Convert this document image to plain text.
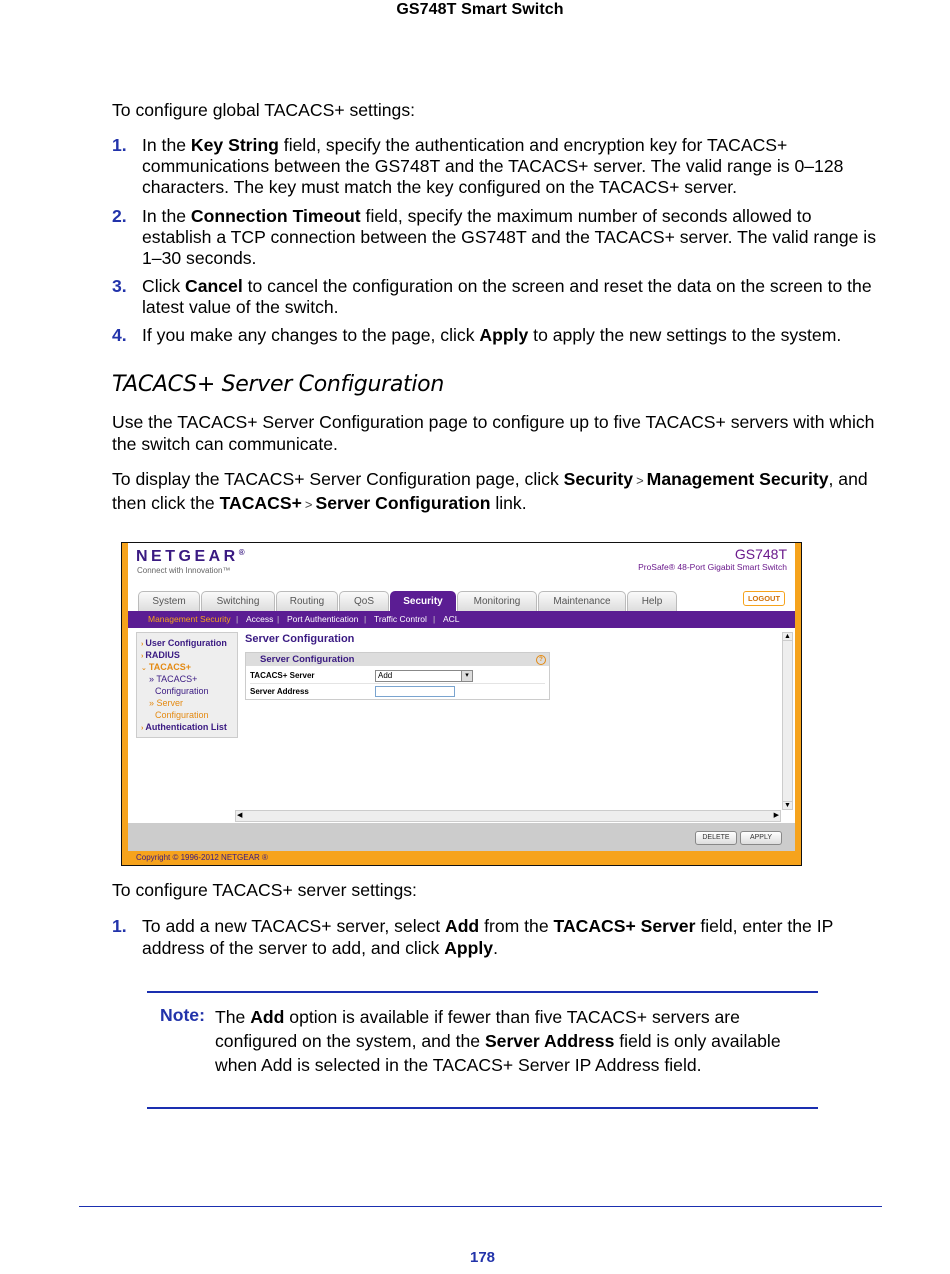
GS748T Smart Switch

To configure global TACACS+ settings:

1. In the Key String field, specify the authentication and encryption key for TACACS+ communications between the GS748T and the TACACS+ server. The valid range is 0–128 characters. The key must match the key configured on the TACACS+ server.
2. In the Connection Timeout field, specify the maximum number of seconds allowed to establish a TCP connection between the GS748T and the TACACS+ server. The valid range is 1–30 seconds.
3. Click Cancel to cancel the configuration on the screen and reset the data on the screen to the latest value of the switch.
4. If you make any changes to the page, click Apply to apply the new settings to the system.

Use the TACACS+ Server Configuration page to configure up to five TACACS+ servers with which the switch can communicate.

To display the TACACS+ Server Configuration page, click Security > Management Security, and then click the TACACS+ > Server Configuration link.

To configure TACACS+ server settings:

1. To add a new TACACS+ server, select Add from the TACACS+ Server field, enter the IP address of the server to add, and click Apply.
TACACS+ Server Configuration
NETGEAR®
Connect with Innovation™
GS748T
ProSafe® 48-Port Gigabit Smart Switch
System	Switching	Routing	QoS	Security	Monitoring	Maintenance	Help	LOGOUT
Management Security | Access | Port Authentication | Traffic Control | ACL
› User Configuration
› RADIUS
⌄ TACACS+
» TACACS+
Configuration
» Server
Configuration
› Authentication List
Server Configuration
Server Configuration	?
TACACS+ Server	Add	▾
Server Address
▲
▼
◀	▶
DELETE	APPLY
Copyright © 1996-2012 NETGEAR ®
Note: The Add option is available if fewer than five TACACS+ servers are configured on the system, and the Server Address field is only available when Add is selected in the TACACS+ Server IP Address field.
178
